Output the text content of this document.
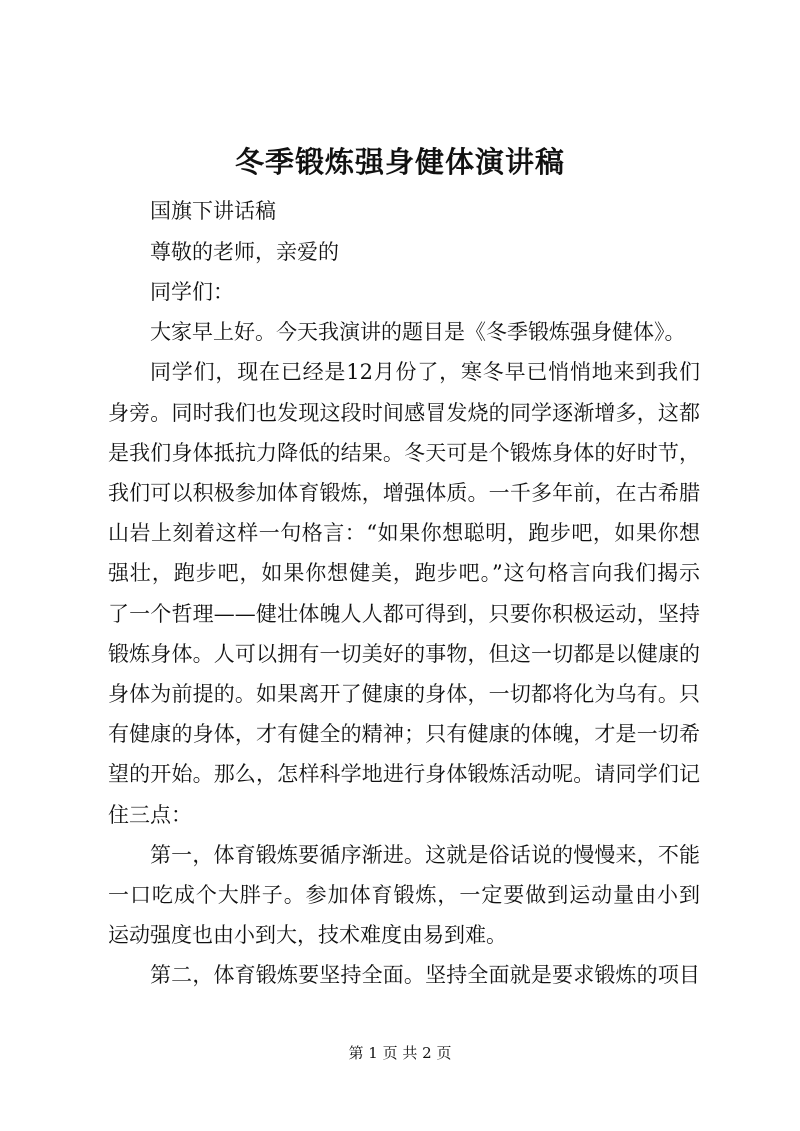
冬季锻炼强身健体演讲稿
国旗下讲话稿
尊敬的老师，亲爱的
同学们：
大家早上好。今天我演讲的题目是《冬季锻炼强身健体》。
同学们，现在已经是12月份了，寒冬早已悄悄地来到我们
身旁。同时我们也发现这段时间感冒发烧的同学逐渐增多，这都
是我们身体抵抗力降低的结果。冬天可是个锻炼身体的好时节，
我们可以积极参加体育锻炼，增强体质。一千多年前，在古希腊
山岩上刻着这样一句格言：“如果你想聪明，跑步吧，如果你想
强壮，跑步吧，如果你想健美，跑步吧。”这句格言向我们揭示
了一个哲理——健壮体魄人人都可得到，只要你积极运动，坚持
锻炼身体。人可以拥有一切美好的事物，但这一切都是以健康的
身体为前提的。如果离开了健康的身体，一切都将化为乌有。只
有健康的身体，才有健全的精神；只有健康的体魄，才是一切希
望的开始。那么，怎样科学地进行身体锻炼活动呢。请同学们记
住三点：
第一，体育锻炼要循序渐进。这就是俗话说的慢慢来，不能
一口吃成个大胖子。参加体育锻炼，一定要做到运动量由小到
运动强度也由小到大，技术难度由易到难。
第二，体育锻炼要坚持全面。坚持全面就是要求锻炼的项目
第 1 页 共 2 页
